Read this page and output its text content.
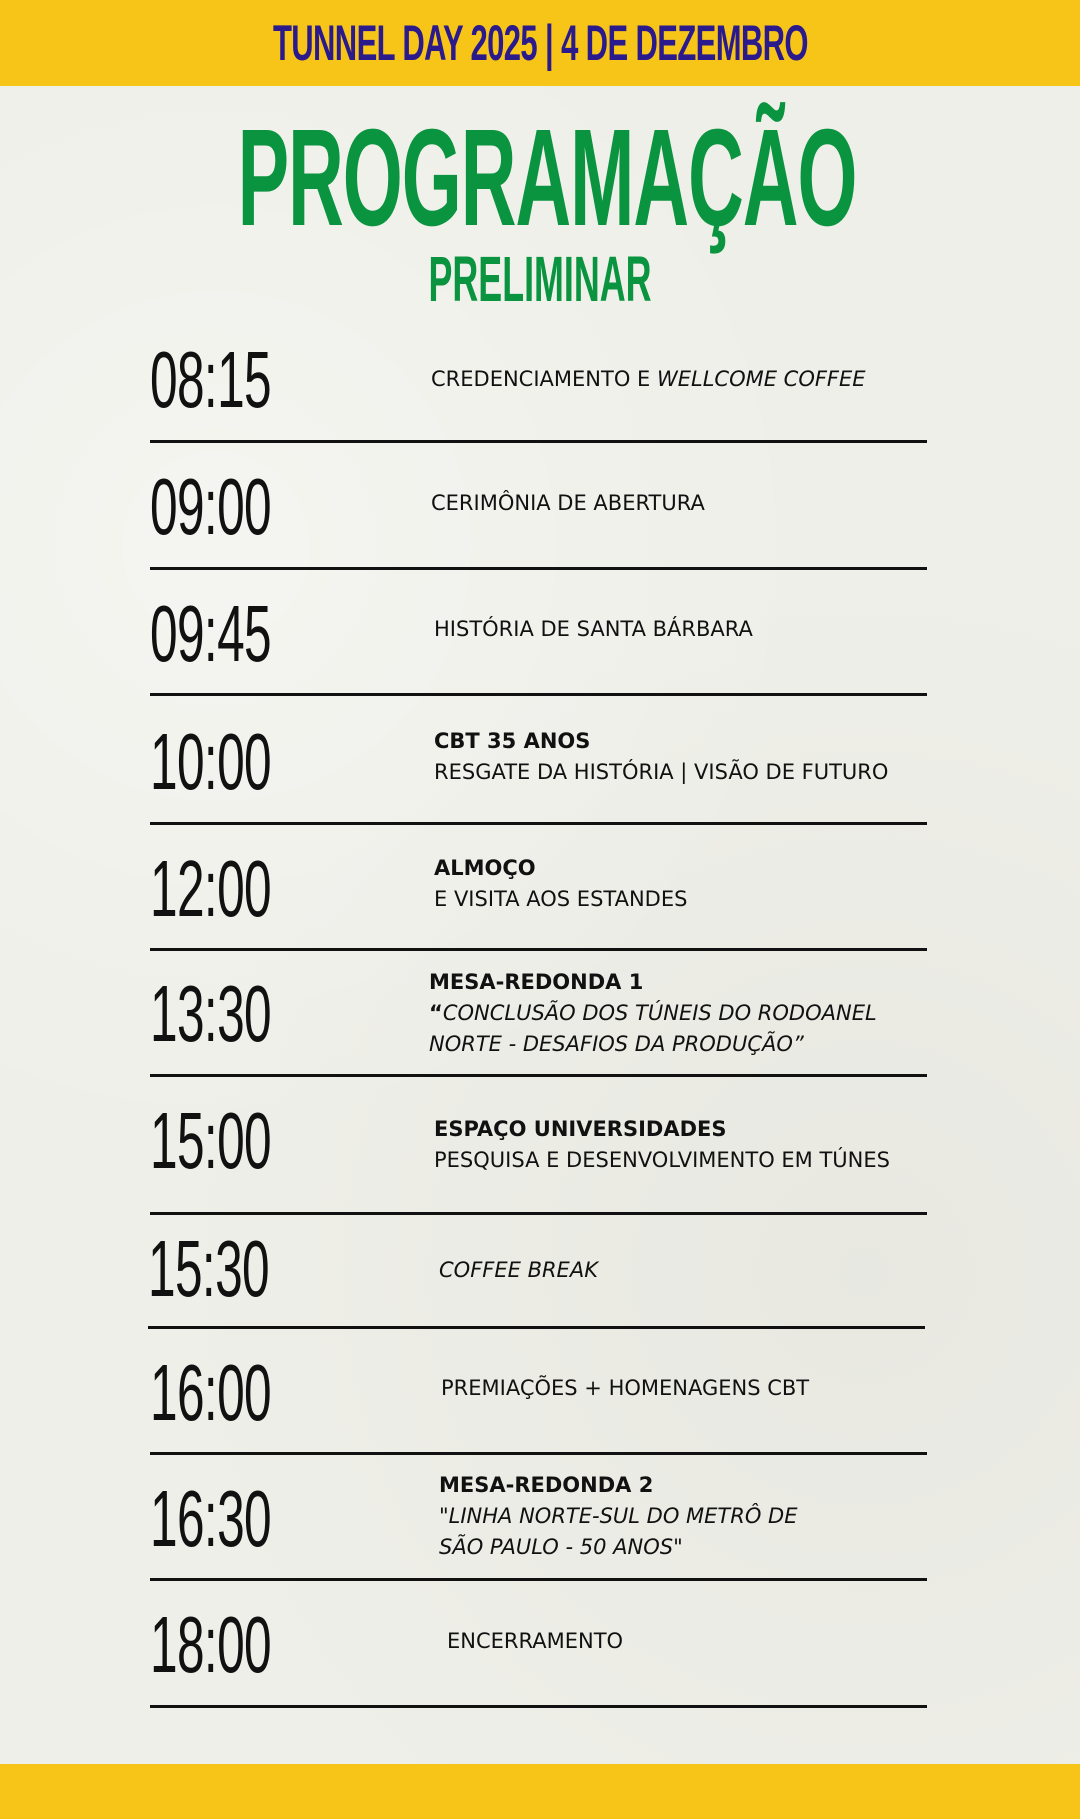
TUNNEL DAY 2025 | 4 DE DEZEMBRO
PROGRAMAÇÃO
PRELIMINAR
08:15	CREDENCIAMENTO E WELLCOME COFFEE
09:00	CERIMÔNIA DE ABERTURA
09:45	HISTÓRIA DE SANTA BÁRBARA
10:00	CBT 35 ANOS
RESGATE DA HISTÓRIA | VISÃO DE FUTURO
12:00	ALMOÇO
E VISITA AOS ESTANDES
13:30	MESA-REDONDA 1
“CONCLUSÃO DOS TÚNEIS DO RODOANEL
NORTE - DESAFIOS DA PRODUÇÃO”
15:00	ESPAÇO UNIVERSIDADES
PESQUISA E DESENVOLVIMENTO EM TÚNES
15:30	COFFEE BREAK
16:00	PREMIAÇÕES + HOMENAGENS CBT
16:30	MESA-REDONDA 2
"LINHA NORTE-SUL DO METRÔ DE
SÃO PAULO - 50 ANOS"
18:00	ENCERRAMENTO
